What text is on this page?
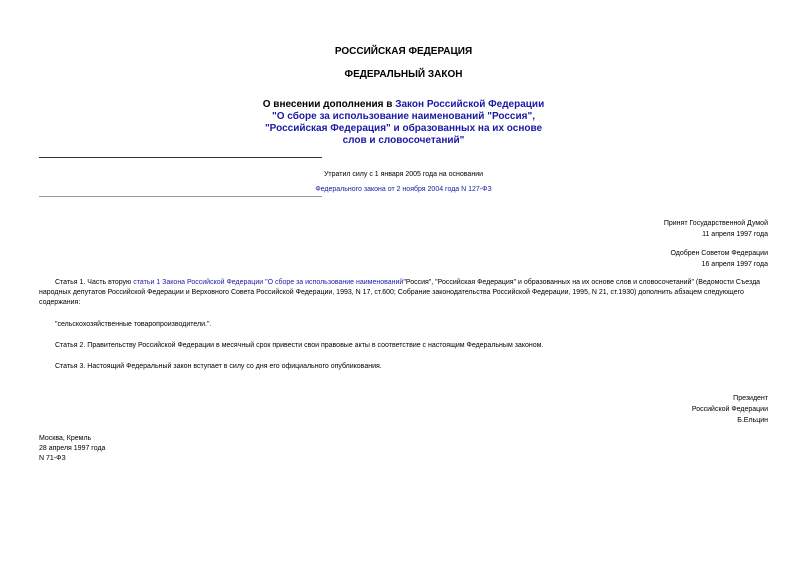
РОССИЙСКАЯ ФЕДЕРАЦИЯ
ФЕДЕРАЛЬНЫЙ ЗАКОН
О внесении дополнения в Закон Российской Федерации
"О сборе за использование наименований "Россия",
"Российская Федерация" и образованных на их основе
слов и словосочетаний"
Утратил силу с 1 января 2005 года на основании
Федерального закона от 2 ноября 2004 года N 127-ФЗ
Принят Государственной Думой
11 апреля 1997 года
Одобрен Советом Федерации
16 апреля 1997 года
Статья 1. Часть вторую статьи 1 Закона Российской Федерации "О сборе за использование наименований"Россия", "Российская Федерация" и образованных на их основе слов и словосочетаний" (Ведомости Съезда народных депутатов Российской Федерации и Верховного Совета Российской Федерации, 1993, N 17, ст.600; Собрание законодательства Российской Федерации, 1995, N 21, ст.1930) дополнить абзацем следующего содержания:
"сельскохозяйственные товаропроизводители.".
Статья 2. Правительству Российской Федерации в месячный срок привести свои правовые акты в соответствие с настоящим Федеральным законом.
Статья 3. Настоящий Федеральный закон вступает в силу со дня его официального опубликования.
Президент
Российской Федерации
Б.Ельцин
Москва, Кремль
28 апреля 1997 года
N 71-ФЗ
